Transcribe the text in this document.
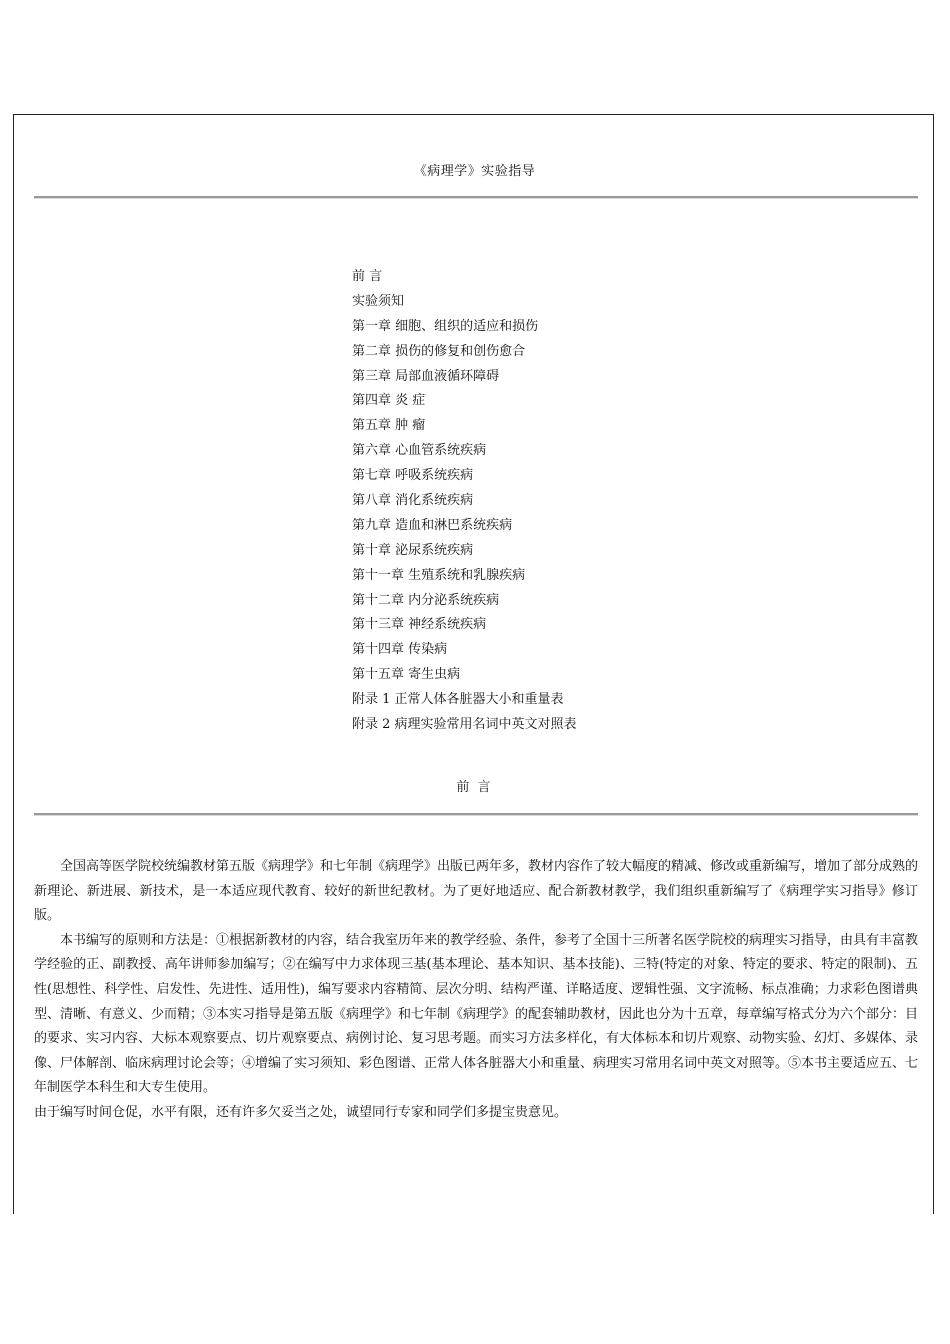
《病理学》实验指导
前 言
实验须知
第一章 细胞、组织的适应和损伤
第二章 损伤的修复和创伤愈合
第三章 局部血液循环障碍
第四章 炎 症
第五章 肿 瘤
第六章 心血管系统疾病
第七章 呼吸系统疾病
第八章 消化系统疾病
第九章 造血和淋巴系统疾病
第十章 泌尿系统疾病
第十一章 生殖系统和乳腺疾病
第十二章 内分泌系统疾病
第十三章 神经系统疾病
第十四章 传染病
第十五章 寄生虫病
附录 1 正常人体各脏器大小和重量表
附录 2 病理实验常用名词中英文对照表
前 言

全国高等医学院校统编教材第五版《病理学》和七年制《病理学》出版已两年多，教材内容作了较大幅度的精减、修改或重新编写，增加了部分成熟的新理论、新进展、新技术，是一本适应现代教育、较好的新世纪教材。为了更好地适应、配合新教材教学，我们组织重新编写了《病理学实习指导》修订版。

本书编写的原则和方法是：①根据新教材的内容，结合我室历年来的教学经验、条件，参考了全国十三所著名医学院校的病理实习指导，由具有丰富教学经验的正、副教授、高年讲师参加编写；②在编写中力求体现三基(基本理论、基本知识、基本技能)、三特(特定的对象、特定的要求、特定的限制)、五性(思想性、科学性、启发性、先进性、适用性)，编写要求内容精简、层次分明、结构严谨、详略适度、逻辑性强、文字流畅、标点准确；力求彩色图谱典型、清晰、有意义、少而精；③本实习指导是第五版《病理学》和七年制《病理学》的配套辅助教材，因此也分为十五章，每章编写格式分为六个部分：目的要求、实习内容、大标本观察要点、切片观察要点、病例讨论、复习思考题。而实习方法多样化，有大体标本和切片观察、动物实验、幻灯、多媒体、录像、尸体解剖、临床病理讨论会等；④增编了实习须知、彩色图谱、正常人体各脏器大小和重量、病理实习常用名词中英文对照等。⑤本书主要适应五、七年制医学本科生和大专生使用。

由于编写时间仓促，水平有限，还有许多欠妥当之处，诚望同行专家和同学们多提宝贵意见。
